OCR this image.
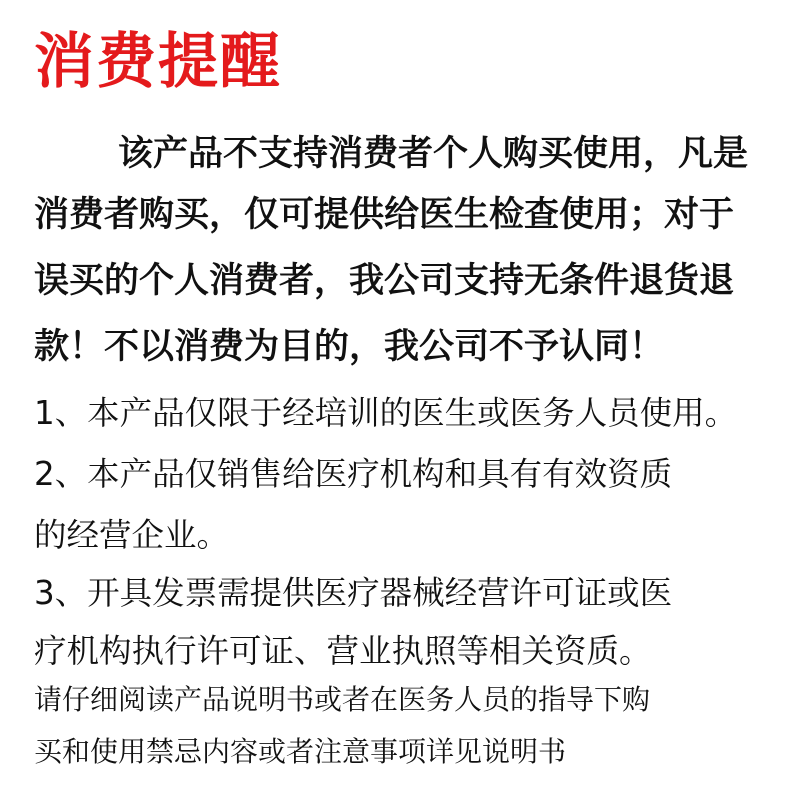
消费提醒
该产品不支持消费者个人购买使用，凡是
消费者购买，仅可提供给医生检查使用；对于
误买的个人消费者，我公司支持无条件退货退
款！不以消费为目的，我公司不予认同！
1、本产品仅限于经培训的医生或医务人员使用。
2、本产品仅销售给医疗机构和具有有效资质
的经营企业。
3、开具发票需提供医疗器械经营许可证或医
疗机构执行许可证、营业执照等相关资质。
请仔细阅读产品说明书或者在医务人员的指导下购
买和使用禁忌内容或者注意事项详见说明书
